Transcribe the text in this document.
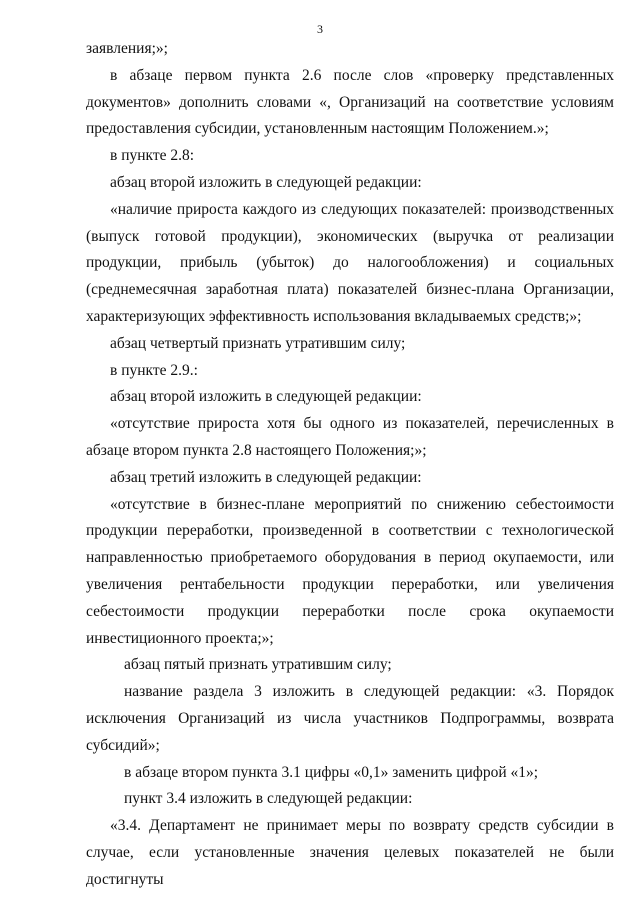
3

заявления;»;

в абзаце первом пункта 2.6 после слов «проверку представленных документов» дополнить словами «, Организаций на соответствие условиям предоставления субсидии, установленным настоящим Положением.»;

в пункте 2.8:

абзац второй изложить в следующей редакции:

«наличие прироста каждого из следующих показателей: производственных (выпуск готовой продукции), экономических (выручка от реализации продукции, прибыль (убыток) до налогообложения) и социальных (среднемесячная заработная плата) показателей бизнес-плана Организации, характеризующих эффективность использования вкладываемых средств;»;

абзац четвертый признать утратившим силу;

в пункте 2.9.:

абзац второй изложить в следующей редакции:

«отсутствие прироста хотя бы одного из показателей, перечисленных в абзаце втором пункта 2.8 настоящего Положения;»;

абзац третий изложить в следующей редакции:

«отсутствие в бизнес-плане мероприятий по снижению себестоимости продукции переработки, произведенной в соответствии с технологической направленностью приобретаемого оборудования в период окупаемости, или увеличения рентабельности продукции переработки, или увеличения себестоимости продукции переработки после срока окупаемости инвестиционного проекта;»;

абзац пятый признать утратившим силу;

название раздела 3 изложить в следующей редакции: «3. Порядок исключения Организаций из числа участников Подпрограммы, возврата субсидий»;

в абзаце втором пункта 3.1 цифры «0,1» заменить цифрой «1»;

пункт 3.4 изложить в следующей редакции:

«3.4. Департамент не принимает меры по возврату средств субсидии в случае, если установленные значения целевых показателей не были достигнуты
